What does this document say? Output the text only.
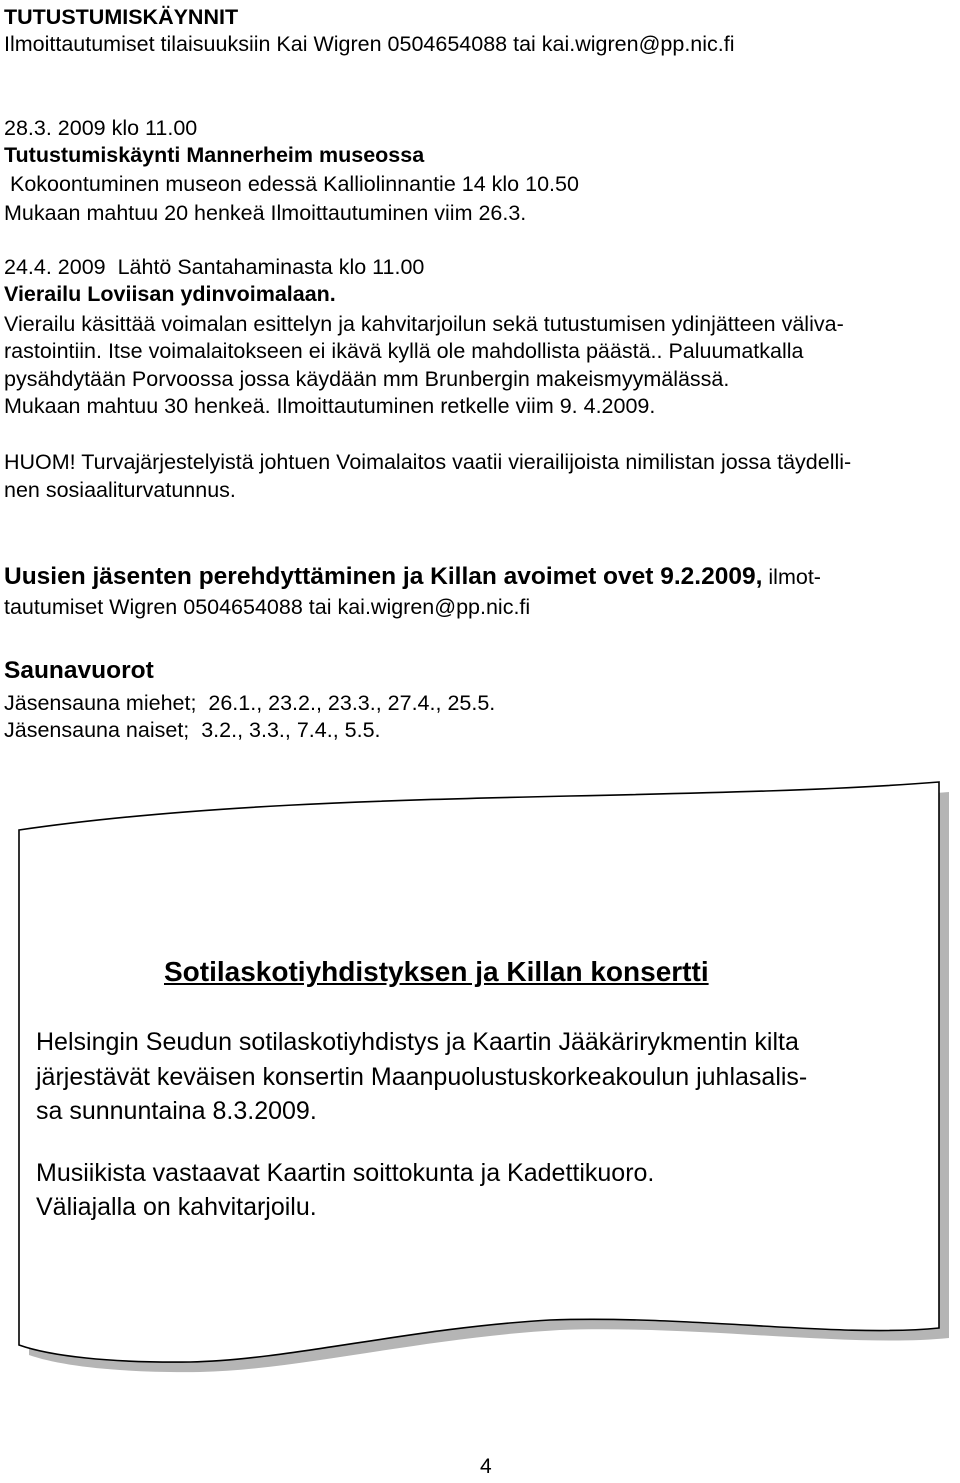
TUTUSTUMISKÄYNNIT
Ilmoittautumiset tilaisuuksiin Kai Wigren 0504654088 tai kai.wigren@pp.nic.fi
28.3. 2009 klo 11.00
Tutustumiskäynti Mannerheim museossa
Kokoontuminen museon edessä Kalliolinnantie 14 klo 10.50
Mukaan mahtuu 20 henkeä Ilmoittautuminen viim 26.3.
24.4. 2009  Lähtö Santahaminasta klo 11.00
Vierailu Loviisan ydinvoimalaan.
Vierailu käsittää voimalan esittelyn ja kahvitarjoilun sekä tutustumisen ydinjätteen väliva-
rastointiin. Itse voimalaitokseen ei ikävä kyllä ole mahdollista päästä.. Paluumatkalla
pysähdytään Porvoossa jossa käydään mm Brunbergin makeismyymälässä.
Mukaan mahtuu 30 henkeä. Ilmoittautuminen retkelle viim 9. 4.2009.
HUOM! Turvajärjestelyistä johtuen Voimalaitos vaatii vierailijoista nimilistan jossa täydelli-
nen sosiaaliturvatunnus.
Uusien jäsenten perehdyttäminen ja Killan avoimet ovet 9.2.2009, ilmot-
tautumiset Wigren 0504654088 tai kai.wigren@pp.nic.fi
Saunavuorot
Jäsensauna miehet;  26.1., 23.2., 23.3., 27.4., 25.5.
Jäsensauna naiset;  3.2., 3.3., 7.4., 5.5.
Sotilaskotiyhdistyksen ja Killan konsertti
Helsingin Seudun sotilaskotiyhdistys ja Kaartin Jääkärirykmentin kilta
järjestävät keväisen konsertin Maanpuolustuskorkeakoulun juhlasalis-
sa sunnuntaina 8.3.2009.
Musiikista vastaavat Kaartin soittokunta ja Kadettikuoro.
Väliajalla on kahvitarjoilu.
4
